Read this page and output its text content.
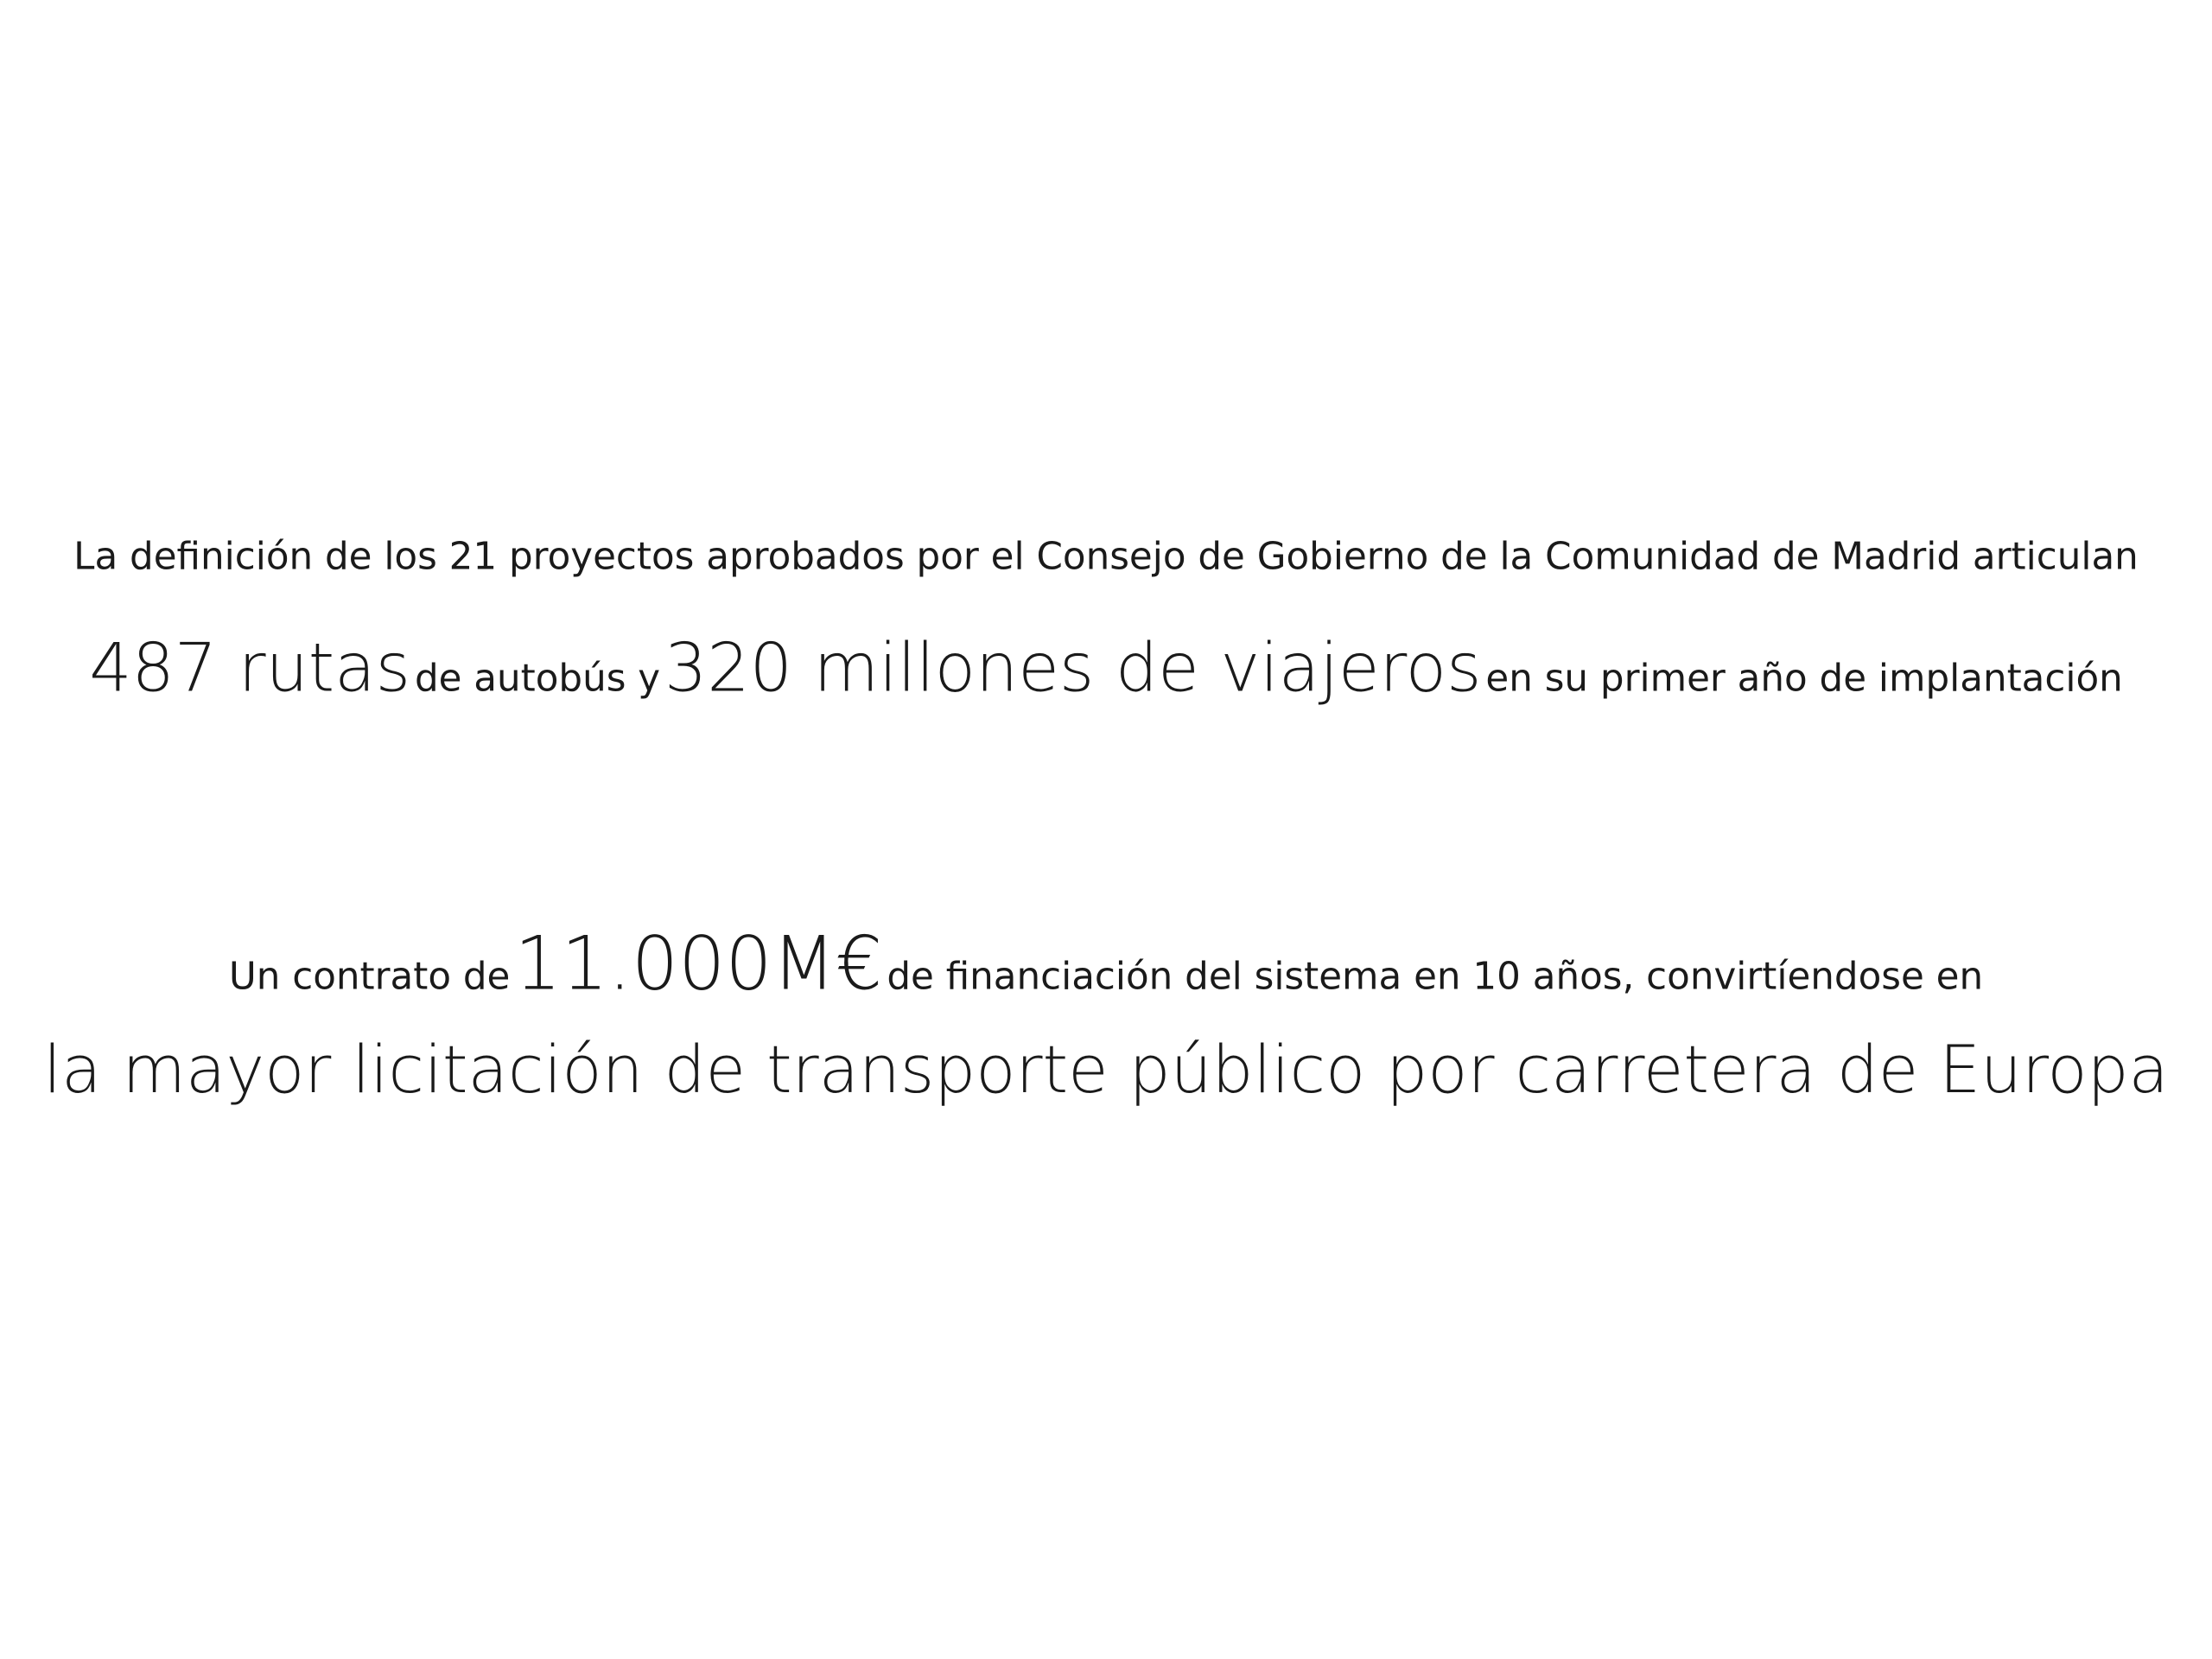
La definición de los 21 proyectos aprobados por el Consejo de Gobierno de la Comunidad de Madrid articulan
487 rutas de autobús y 320 millones de viajeros en su primer año de implantación
Un contrato de 11.000M€ de financiación del sistema en 10 años, convirtíendose en
la mayor licitación de transporte público por carretera de Europa
